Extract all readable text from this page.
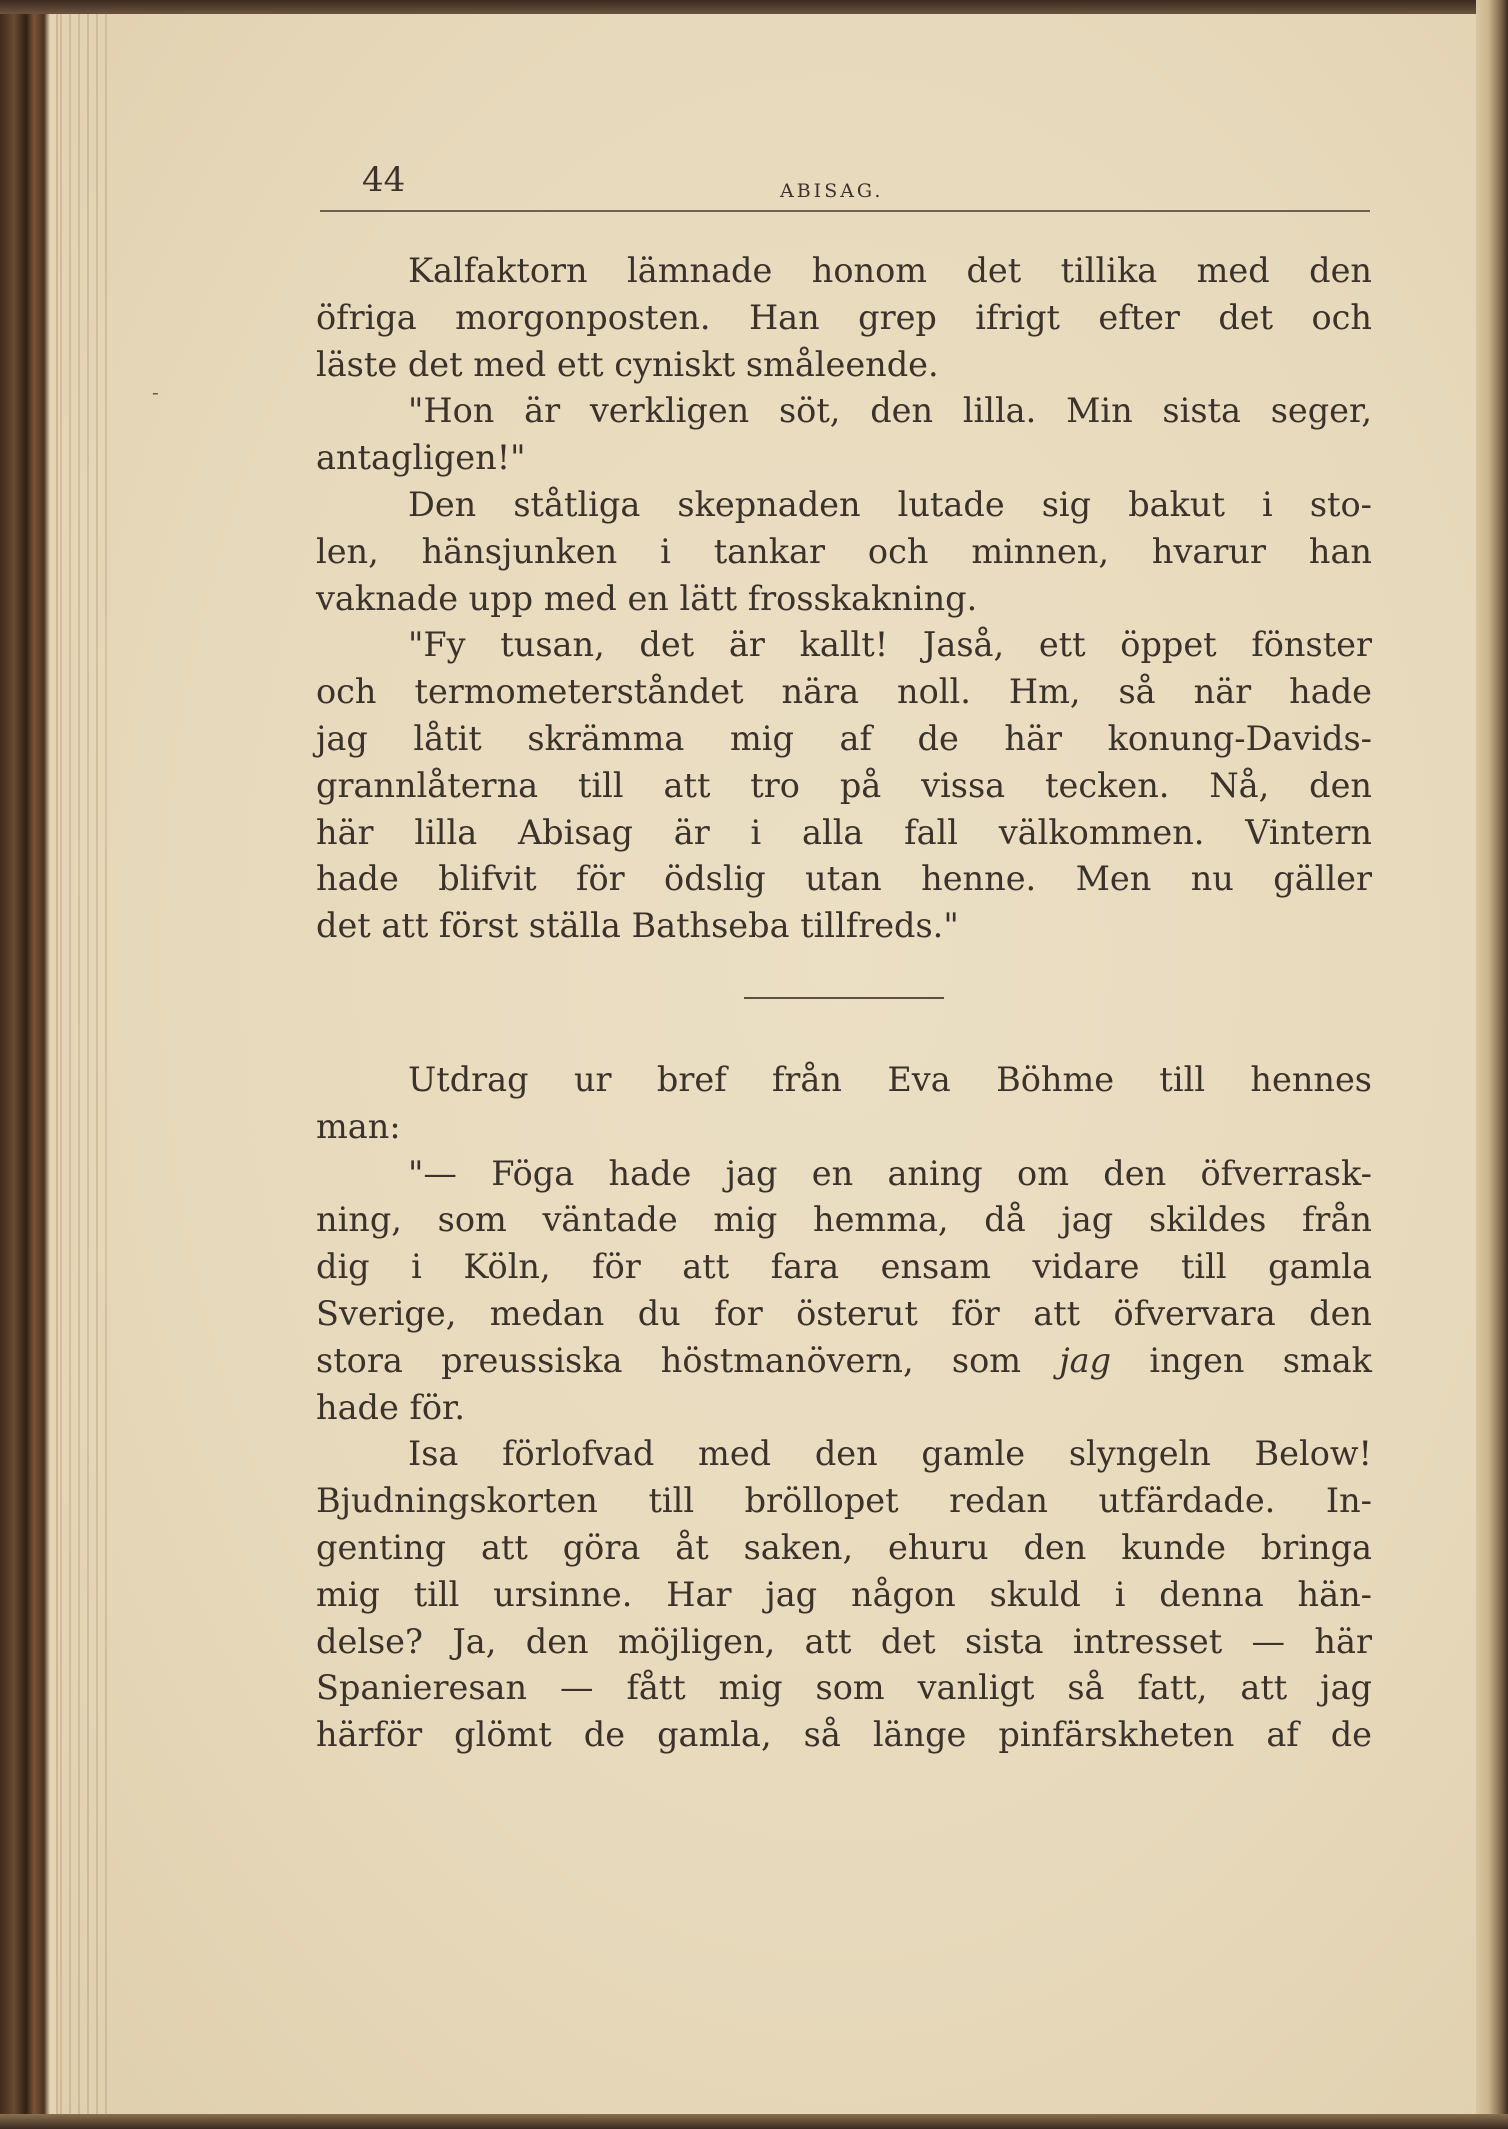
-
44	ABISAG.
Kalfaktorn lämnade honom det tillika med den
öfriga morgonposten. Han grep ifrigt efter det och
läste det med ett cyniskt småleende.
"Hon är verkligen söt, den lilla. Min sista seger,
antagligen!"
Den ståtliga skepnaden lutade sig bakut i sto-
len, hänsjunken i tankar och minnen, hvarur han
vaknade upp med en lätt frosskakning.
"Fy tusan, det är kallt! Jaså, ett öppet fönster
och termometerståndet nära noll. Hm, så när hade
jag låtit skrämma mig af de här konung-Davids-
grannlåterna till att tro på vissa tecken. Nå, den
här lilla Abisag är i alla fall välkommen. Vintern
hade blifvit för ödslig utan henne. Men nu gäller
det att först ställa Bathseba tillfreds."
Utdrag ur bref från Eva Böhme till hennes
man:
"— Föga hade jag en aning om den öfverrask-
ning, som väntade mig hemma, då jag skildes från
dig i Köln, för att fara ensam vidare till gamla
Sverige, medan du for österut för att öfvervara den
stora preussiska höstmanövern, som jag ingen smak
hade för.
Isa förlofvad med den gamle slyngeln Below!
Bjudningskorten till bröllopet redan utfärdade. In-
genting att göra åt saken, ehuru den kunde bringa
mig till ursinne. Har jag någon skuld i denna hän-
delse? Ja, den möjligen, att det sista intresset — här
Spanieresan — fått mig som vanligt så fatt, att jag
härför glömt de gamla, så länge pinfärskheten af de
